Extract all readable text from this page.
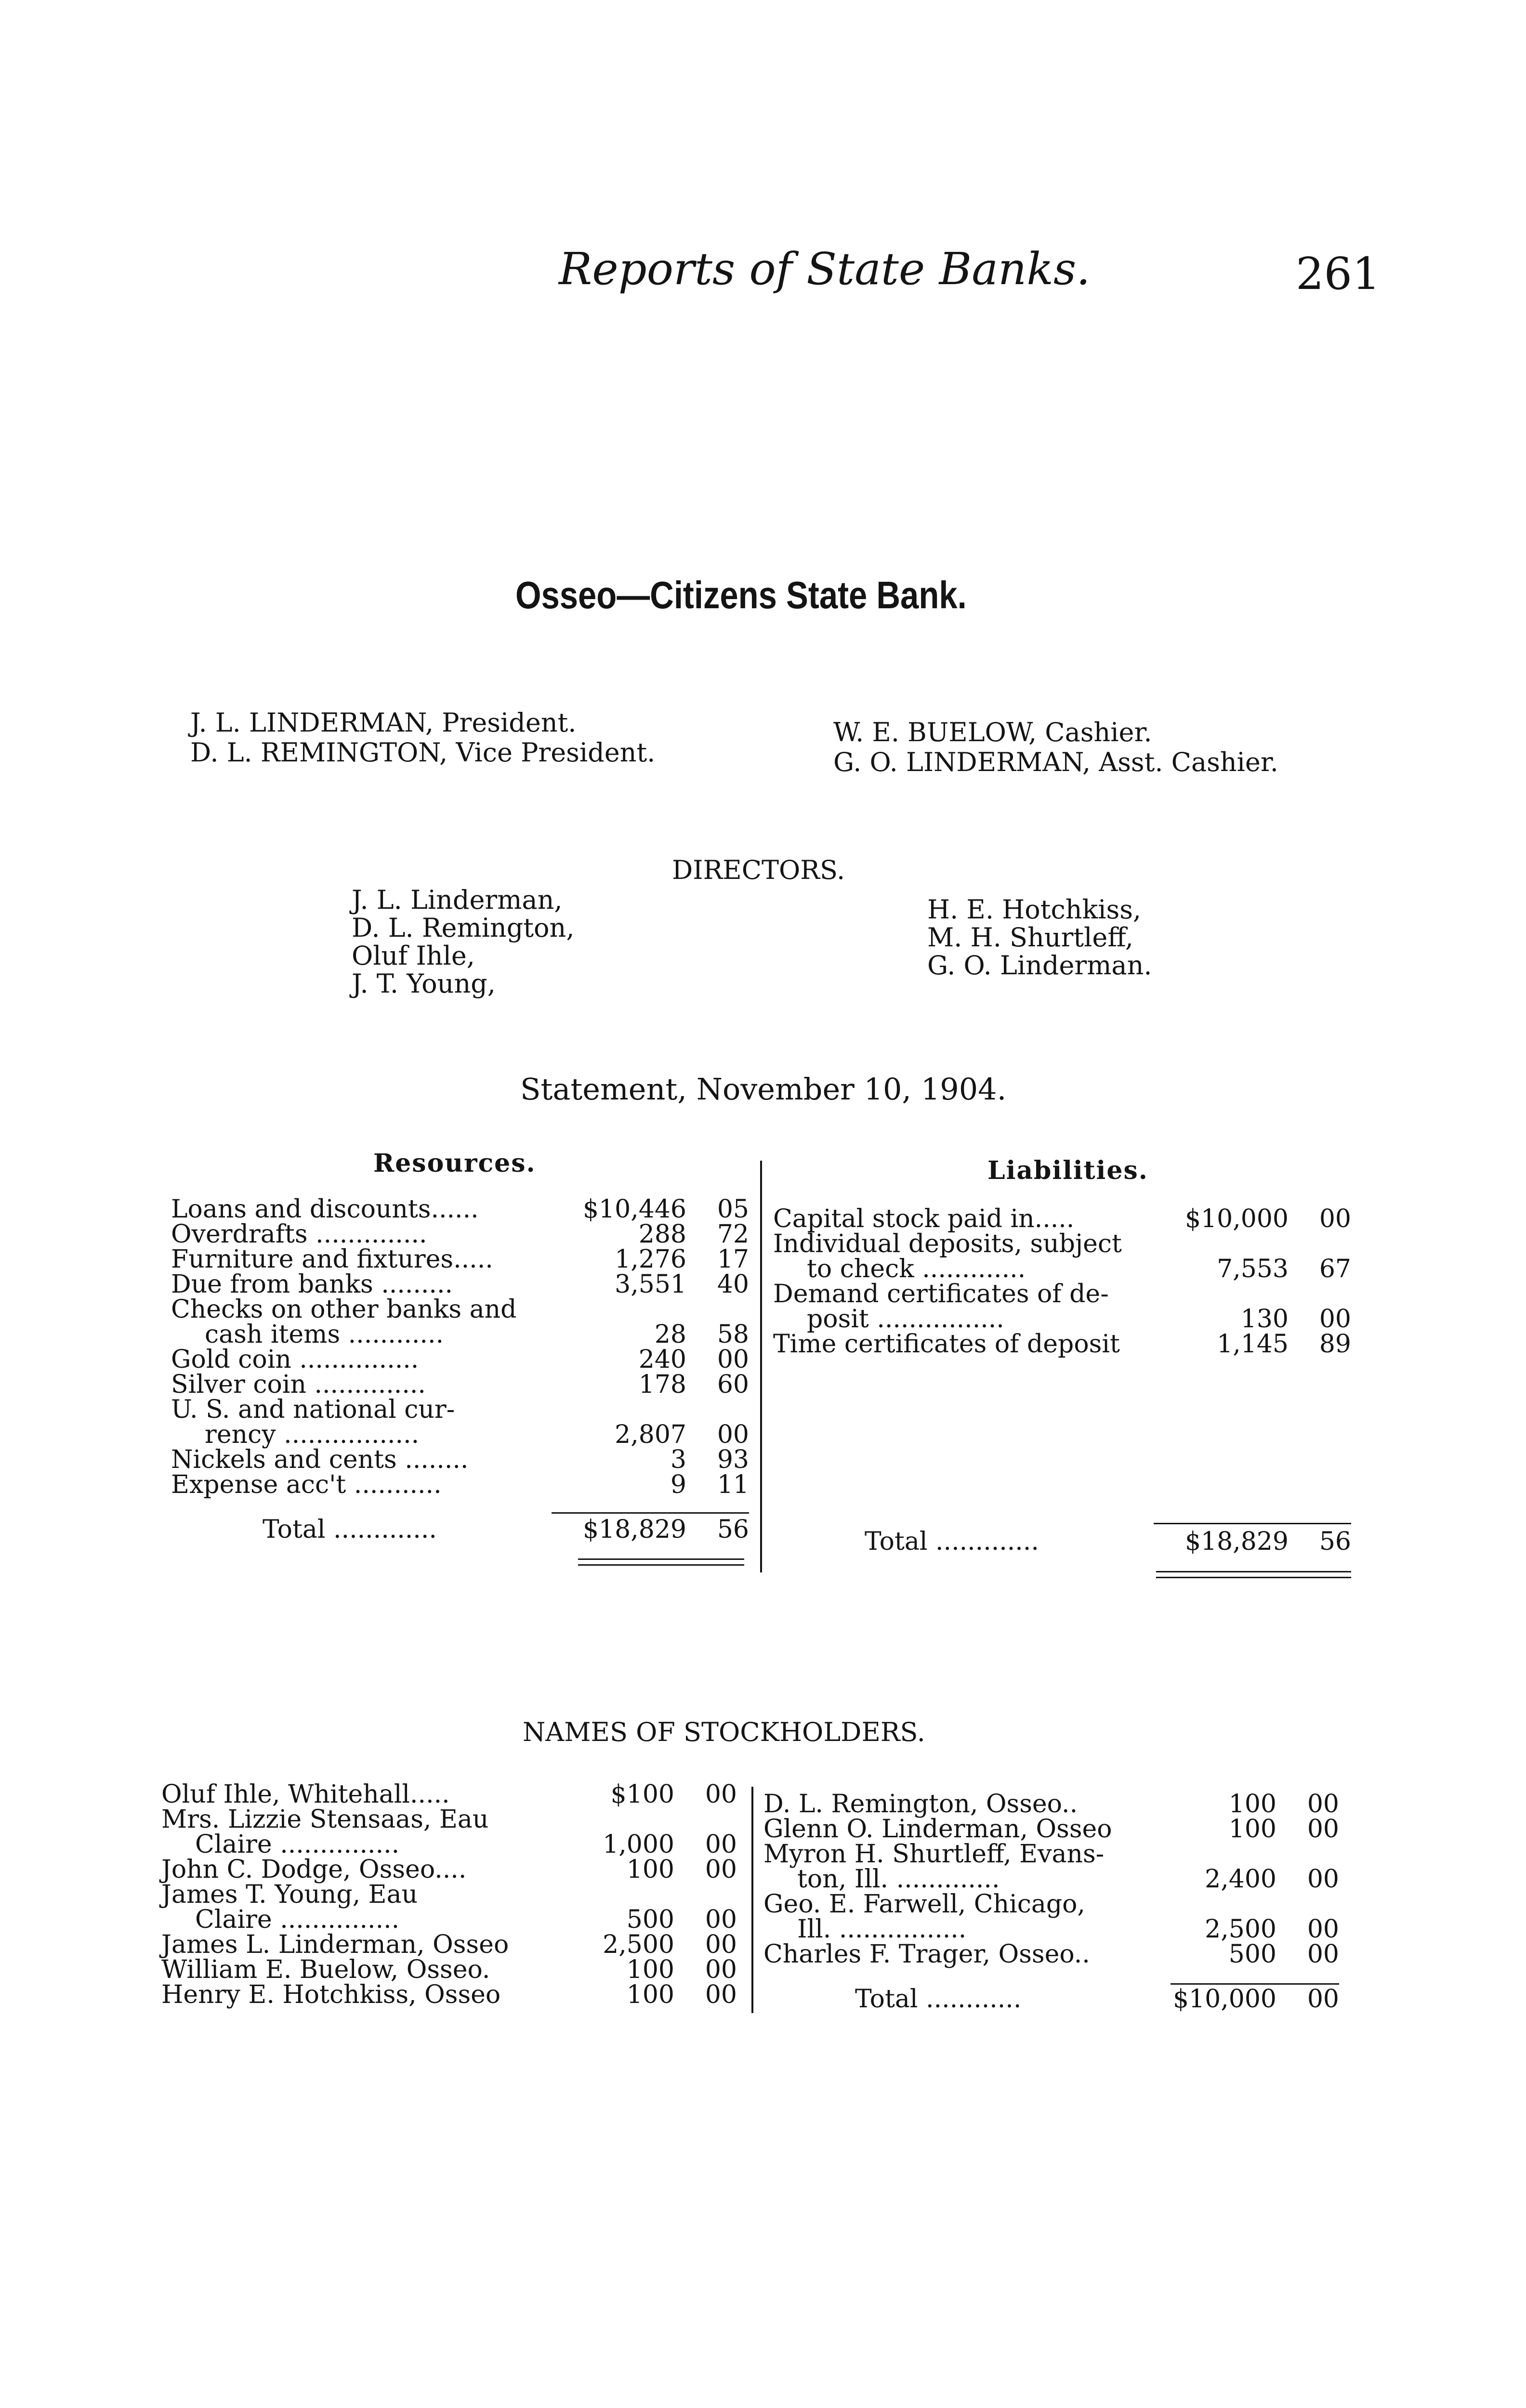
Reports of State Banks.	261
Osseo—Citizens State Bank.
J. L. LINDERMAN, President.
D. L. REMINGTON, Vice President.
W. E. BUELOW, Cashier.
G. O. LINDERMAN, Asst. Cashier.
DIRECTORS.
J. L. Linderman,
D. L. Remington,
Oluf Ihle,
J. T. Young,
H. E. Hotchkiss,
M. H. Shurtleff,
G. O. Linderman.
Statement, November 10, 1904.
Resources.
Loans and discounts......	$10,446 05
Overdrafts ..............	288 72
Furniture and fixtures.....	1,276 17
Due from banks .........	3,551 40
Checks on other banks and
cash items ............	28 58
Gold coin ...............	240 00
Silver coin ..............	178 60
U. S. and national cur-
rency .................	2,807 00
Nickels and cents ........	3 93
Expense acc't ...........	9 11
Total .............	$18,829 56
Liabilities.
Capital stock paid in.....	$10,000 00
Individual deposits, subject
to check .............	7,553 67
Demand certificates of de-
posit ................	130 00
Time certificates of deposit	1,145 89
Total .............	$18,829 56
NAMES OF STOCKHOLDERS.
Oluf Ihle, Whitehall.....	$100 00
Mrs. Lizzie Stensaas, Eau
Claire ...............	1,000 00
John C. Dodge, Osseo....	100 00
James T. Young, Eau
Claire ...............	500 00
James L. Linderman, Osseo	2,500 00
William E. Buelow, Osseo.	100 00
Henry E. Hotchkiss, Osseo	100 00
D. L. Remington, Osseo..	100 00
Glenn O. Linderman, Osseo	100 00
Myron H. Shurtleff, Evans-
ton, Ill. .............	2,400 00
Geo. E. Farwell, Chicago,
Ill. ................	2,500 00
Charles F. Trager, Osseo..	500 00
Total ............	$10,000 00
